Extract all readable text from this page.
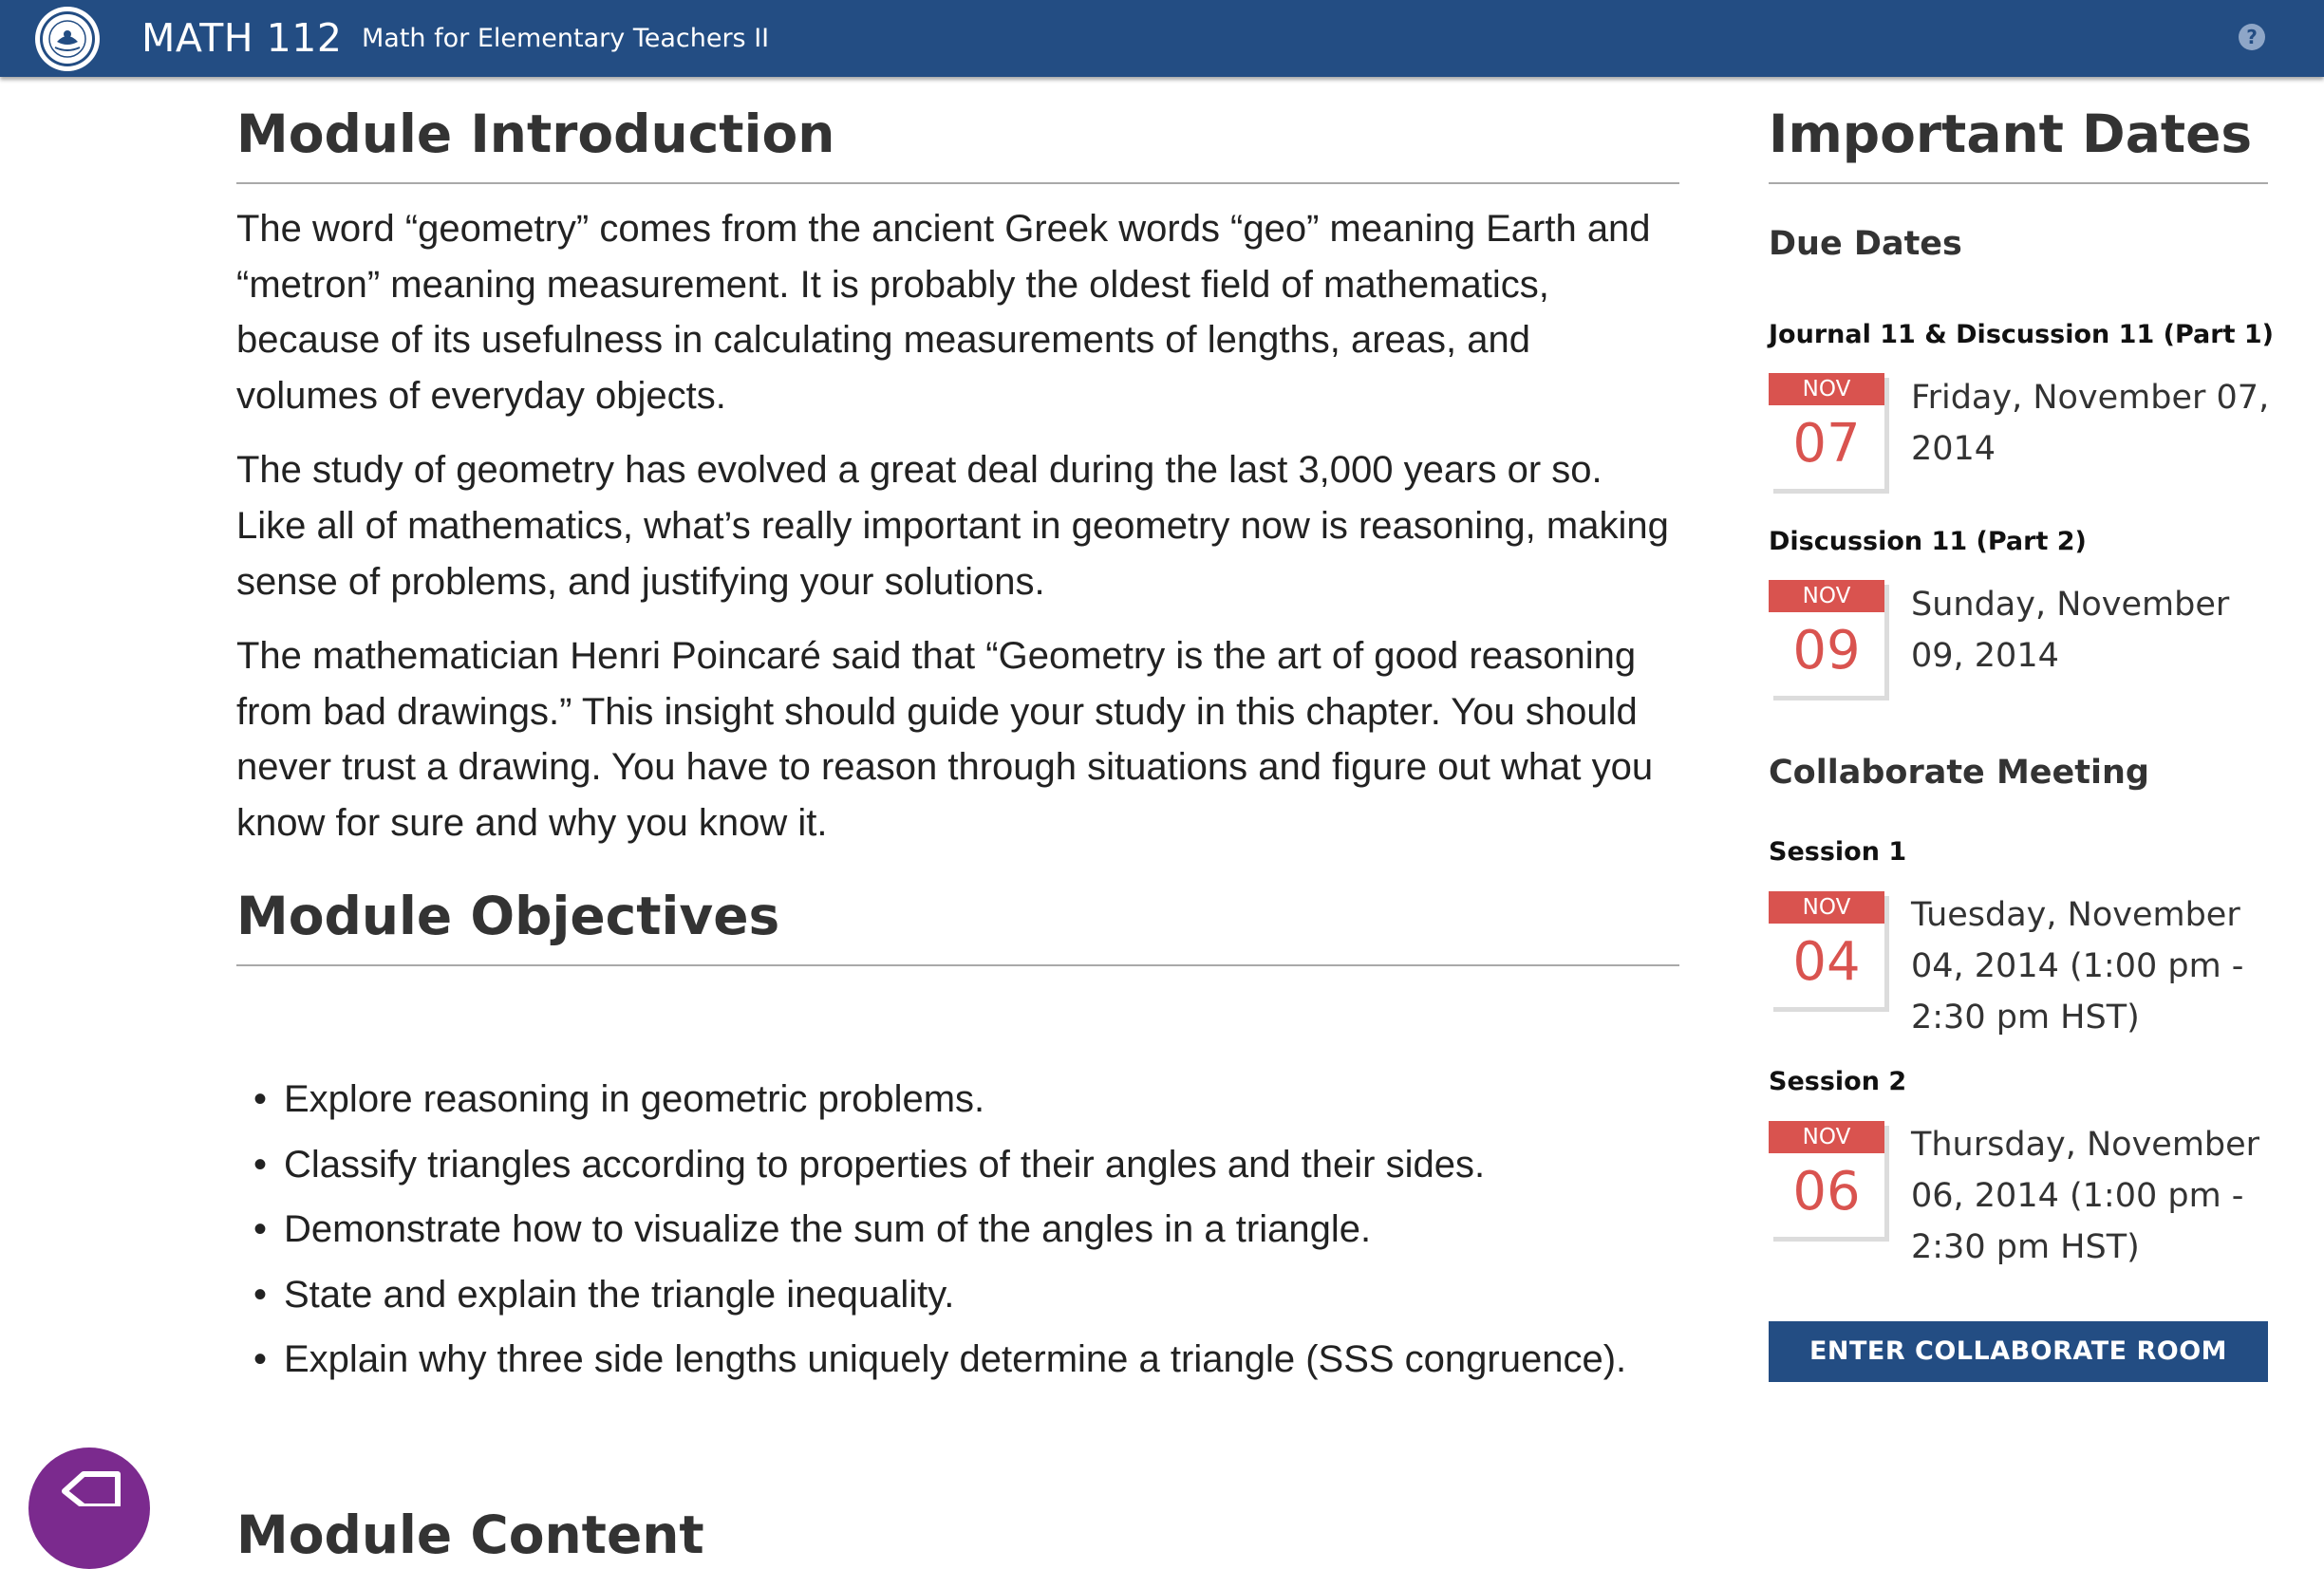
MATH 112 Math for Elementary Teachers II	?
Module Introduction

The word “geometry” comes from the ancient Greek words “geo” meaning Earth and “metron” meaning measurement. It is probably the oldest field of mathematics, because of its usefulness in calculating measurements of lengths, areas, and volumes of everyday objects.

The study of geometry has evolved a great deal during the last 3,000 years or so. Like all of mathematics, what’s really important in geometry now is reasoning, making sense of problems, and justifying your solutions.

The mathematician Henri Poincaré said that “Geometry is the art of good reasoning from bad drawings.” This insight should guide your study in this chapter. You should never trust a drawing. You have to reason through situations and figure out what you know for sure and why you know it.

Module Objectives
• Explore reasoning in geometric problems.
• Classify triangles according to properties of their angles and their sides.
• Demonstrate how to visualize the sum of the angles in a triangle.
• State and explain the triangle inequality.
• Explain why three side lengths uniquely determine a triangle (SSS congruence).
Module Content
Important Dates
Due Dates
Journal 11 & Discussion 11 (Part 1)
NOV
07

Friday, November 07, 2014

Discussion 11 (Part 2)
NOV
09

Sunday, November 09, 2014

Collaborate Meeting
Session 1
NOV
04

Tuesday, November 04, 2014 (1:00 pm - 2:30 pm HST)

Session 2
NOV
06

Thursday, November 06, 2014 (1:00 pm - 2:30 pm HST)

ENTER COLLABORATE ROOM
